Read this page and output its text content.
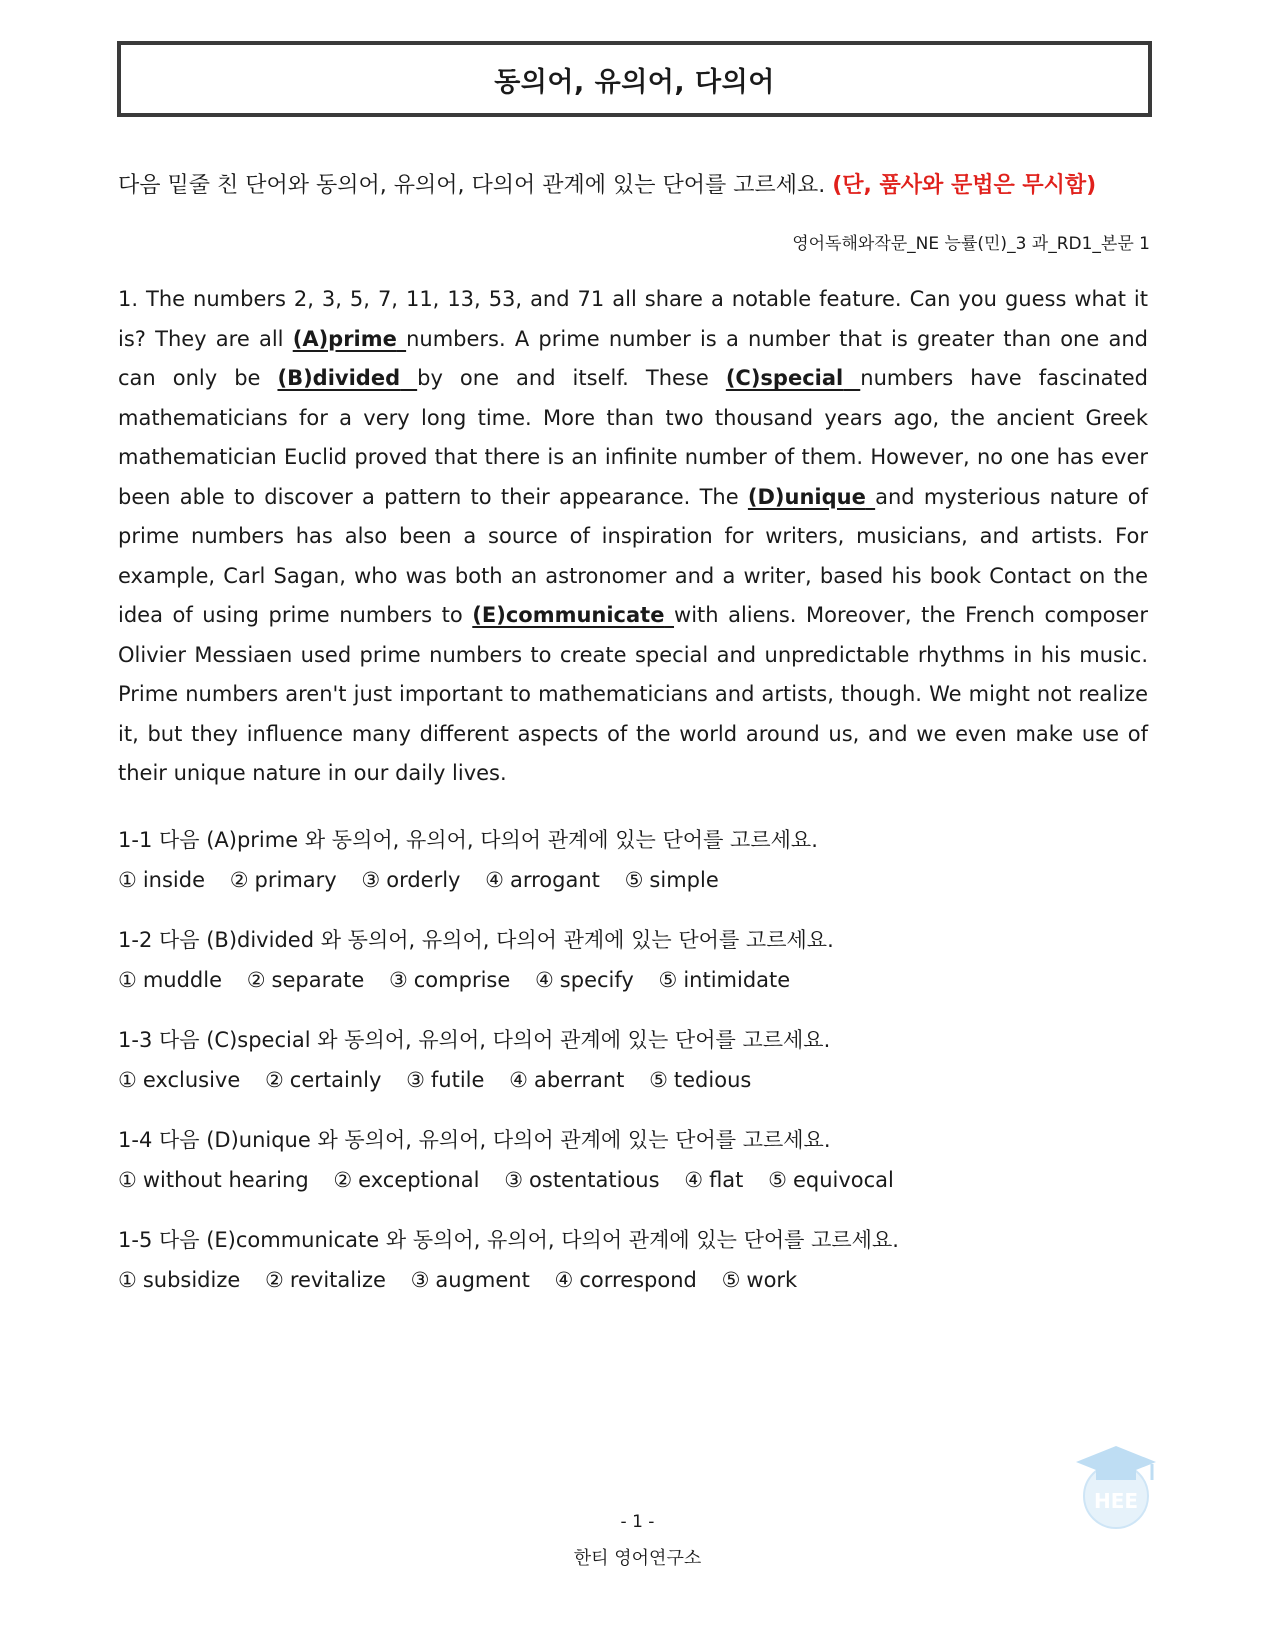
동의어, 유의어, 다의어
다음 밑줄 친 단어와 동의어, 유의어, 다의어 관계에 있는 단어를 고르세요. (단, 품사와 문법은 무시함)
영어독해와작문_NE 능률(민)_3 과_RD1_본문 1
1. The numbers 2, 3, 5, 7, 11, 13, 53, and 71 all share a notable feature. Can you guess what it is? They are all (A)prime numbers. A prime number is a number that is greater than one and can only be (B)divided by one and itself. These (C)special numbers have fascinated mathematicians for a very long time. More than two thousand years ago, the ancient Greek mathematician Euclid proved that there is an infinite number of them. However, no one has ever been able to discover a pattern to their appearance. The (D)unique and mysterious nature of prime numbers has also been a source of inspiration for writers, musicians, and artists. For example, Carl Sagan, who was both an astronomer and a writer, based his book Contact on the idea of using prime numbers to (E)communicate with aliens. Moreover, the French composer Olivier Messiaen used prime numbers to create special and unpredictable rhythms in his music. Prime numbers aren't just important to mathematicians and artists, though. We might not realize it, but they influence many different aspects of the world around us, and we even make use of their unique nature in our daily lives.
1-1 다음 (A)prime 와 동의어, 유의어, 다의어 관계에 있는 단어를 고르세요.
① inside ② primary ③ orderly ④ arrogant ⑤ simple
1-2 다음 (B)divided 와 동의어, 유의어, 다의어 관계에 있는 단어를 고르세요.
① muddle ② separate ③ comprise ④ specify ⑤ intimidate
1-3 다음 (C)special 와 동의어, 유의어, 다의어 관계에 있는 단어를 고르세요.
① exclusive ② certainly ③ futile ④ aberrant ⑤ tedious
1-4 다음 (D)unique 와 동의어, 유의어, 다의어 관계에 있는 단어를 고르세요.
① without hearing ② exceptional ③ ostentatious ④ flat ⑤ equivocal
1-5 다음 (E)communicate 와 동의어, 유의어, 다의어 관계에 있는 단어를 고르세요.
① subsidize ② revitalize ③ augment ④ correspond ⑤ work
HEE
- 1 -
한티 영어연구소
